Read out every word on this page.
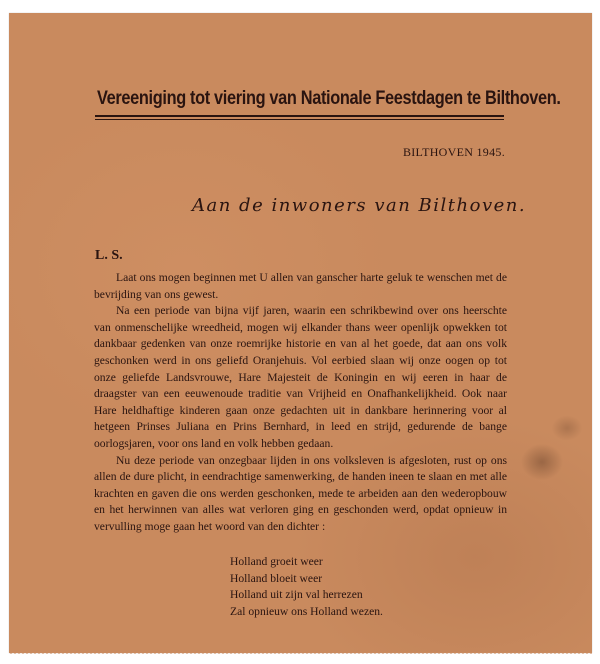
Vereeniging tot viering van Nationale Feestdagen te Bilthoven.
BILTHOVEN 1945.
Aan de inwoners van Bilthoven.
L. S.

Laat ons mogen beginnen met U allen van ganscher harte geluk te wenschen met de bevrijding van ons gewest.

Na een periode van bijna vijf jaren, waarin een schrikbewind over ons heerschte van onmenschelijke wreedheid, mogen wij elkander thans weer openlijk opwekken tot dankbaar gedenken van onze roemrijke historie en van al het goede, dat aan ons volk geschonken werd in ons geliefd Oranjehuis. Vol eerbied slaan wij onze oogen op tot onze geliefde Landsvrouwe, Hare Majesteit de Koningin en wij eeren in haar de draagster van een eeuwenoude traditie van Vrijheid en Onafhankelijkheid. Ook naar Hare heldhaftige kinderen gaan onze gedachten uit in dankbare herinnering voor al hetgeen Prinses Juliana en Prins Bernhard, in leed en strijd, gedurende de bange oorlogsjaren, voor ons land en volk hebben gedaan.

Nu deze periode van onzegbaar lijden in ons volksleven is afgesloten, rust op ons allen de dure plicht, in eendrachtige samenwerking, de handen ineen te slaan en met alle krachten en gaven die ons werden geschonken, mede te arbeiden aan den wederopbouw en het herwinnen van alles wat verloren ging en geschonden werd, opdat opnieuw in vervulling moge gaan het woord van den dichter :

Holland groeit weer
Holland bloeit weer
Holland uit zijn val herrezen
Zal opnieuw ons Holland wezen.
